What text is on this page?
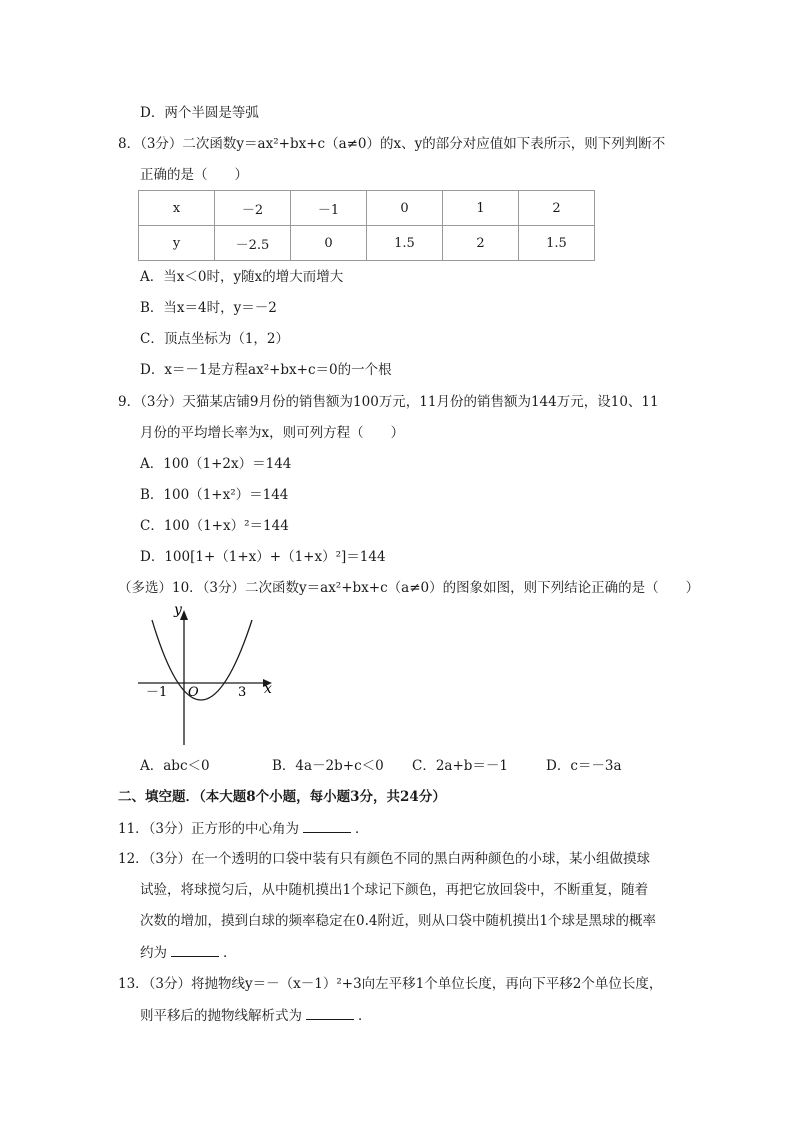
D．两个半圆是等弧
8．（3分）二次函数y＝ax²+bx+c（a≠0）的x、y的部分对应值如下表所示，则下列判断不
正确的是（　　）
x	－2	－1	0	1	2
y	－2.5	0	1.5	2	1.5
A．当x＜0时，y随x的增大而增大
B．当x＝4时，y＝－2
C．顶点坐标为（1，2）
D．x＝－1是方程ax²+bx+c＝0的一个根
9．（3分）天猫某店铺9月份的销售额为100万元，11月份的销售额为144万元，设10、11
月份的平均增长率为x，则可列方程（　　）
A．100（1+2x）＝144
B．100（1+x²）＝144
C．100（1+x）²＝144
D．100[1+（1+x）+（1+x）²]＝144
（多选）10．（3分）二次函数y＝ax²+bx+c（a≠0）的图象如图，则下列结论正确的是（　　）
y
x
O
－1	3
A．abc＜0	B．4a－2b+c＜0 C．2a+b＝－1	D．c＝－3a
二、填空题．（本大题8个小题，每小题3分，共24分）
11．（3分）正方形的中心角为	．
12．（3分）在一个透明的口袋中装有只有颜色不同的黑白两种颜色的小球，某小组做摸球
试验，将球搅匀后，从中随机摸出1个球记下颜色，再把它放回袋中，不断重复，随着
次数的增加，摸到白球的频率稳定在0.4附近，则从口袋中随机摸出1个球是黑球的概率
约为	．
13．（3分）将抛物线y＝－（x－1）²+3向左平移1个单位长度，再向下平移2个单位长度，
则平移后的抛物线解析式为	．
